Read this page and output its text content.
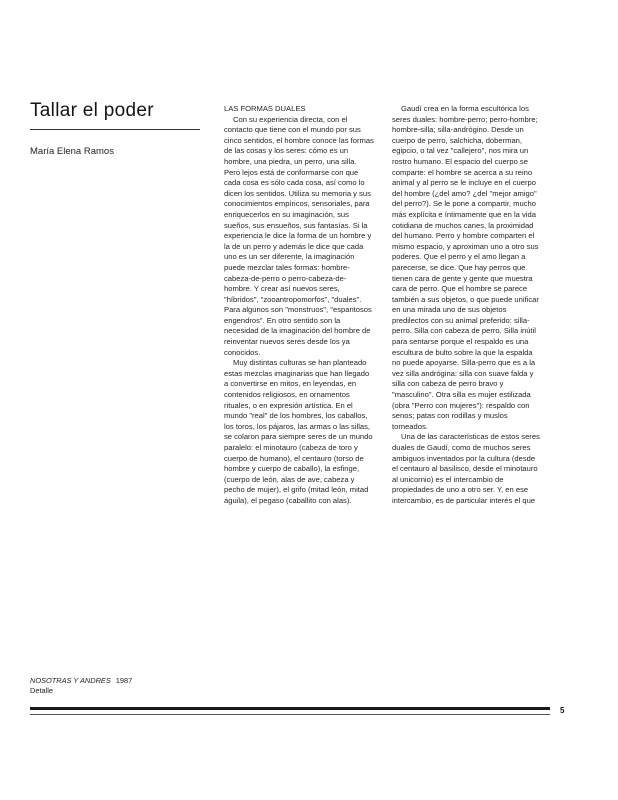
Tallar el poder
María Elena Ramos
LAS FORMAS DUALES

Con su experiencia directa, con el contacto que tiene con el mundo por sus cinco sentidos, el hombre conoce las formas de las cosas y los seres: cómo es un hombre, una piedra, un perro, una silla. Pero lejos está de conformarse con que cada cosa es sólo cada cosa, así como lo dicen los sentidos. Utiliza su memoria y sus conocimientos empíricos, sensoriales, para enriquecerlos en su imaginación, sus sueños, sus ensueños, sus fantasías. Si la experiencia le dice la forma de un hombre y la de un perro y además le dice que cada uno es un ser diferente, la imaginación puede mezclar tales formas: hombre-cabeza-de-perro o perro-cabeza-de-hombre. Y crear así nuevos seres, "híbridos", "zooantropomorfos", "duales". Para algunos son "monstruos", "espantosos engendros". En otro sentido son la necesidad de la imaginación del hombre de reinventar nuevos seres desde los ya conocidos.

Muy distintas culturas se han planteado estas mezclas imaginarias que han llegado a convertirse en mitos, en leyendas, en contenidos religiosos, en ornamentos rituales, o en expresión artística. En el mundo "real" de los hombres, los caballos, los toros, los pájaros, las armas o las sillas, se colaron para siempre seres de un mundo paralelo: el minotauro (cabeza de toro y cuerpo de humano), el centauro (torso de hombre y cuerpo de caballo), la esfinge, (cuerpo de león, alas de ave, cabeza y pecho de mujer), el grifo (mitad león, mitad águila), el pegaso (caballito con alas).

Gaudí crea en la forma escultórica los seres duales: hombre-perro; perro-hombre; hombre-silla; silla-andrógino. Desde un cuerpo de perro, salchicha, doberman, egipcio, o tal vez "callejero", nos mira un rostro humano. El espacio del cuerpo se comparte: el hombre se acerca a su reino animal y al perro se le incluye en el cuerpo del hombre (¿del amo? ¿del "mejor amigo" del perro?). Se le pone a compartir, mucho más explícita e íntimamente que en la vida cotidiana de muchos canes, la proximidad del humano. Perro y hombre comparten el mismo espacio, y aproximan uno a otro sus poderes. Que el perro y el amo llegan a parecerse, se dice. Que hay perros que tienen cara de gente y gente que muestra cara de perro. Que el hombre se parece también a sus objetos, o que puede unificar en una mirada uno de sus objetos predilectos con su animal preferido: silla-perro. Silla con cabeza de perro. Silla inútil para sentarse porque el respaldo es una escultura de bulto sobre la que la espalda no puede apoyarse. Silla-perro que es a la vez silla andrógina: silla con suave falda y silla con cabeza de perro bravo y "masculino". Otra silla es mujer estilizada (obra "Perro con mujeres"): respaldo con senos; patas con rodillas y muslos torneados.

Una de las características de estos seres duales de Gaudí, como de muchos seres ambiguos inventados por la cultura (desde el centauro al basilisco, desde el minotauro al unicornio) es el intercambio de propiedades de uno a otro ser. Y, en ese intercambio, es de particular interés el que

NOSOTRAS Y ANDRES 1987
Detalle
5
